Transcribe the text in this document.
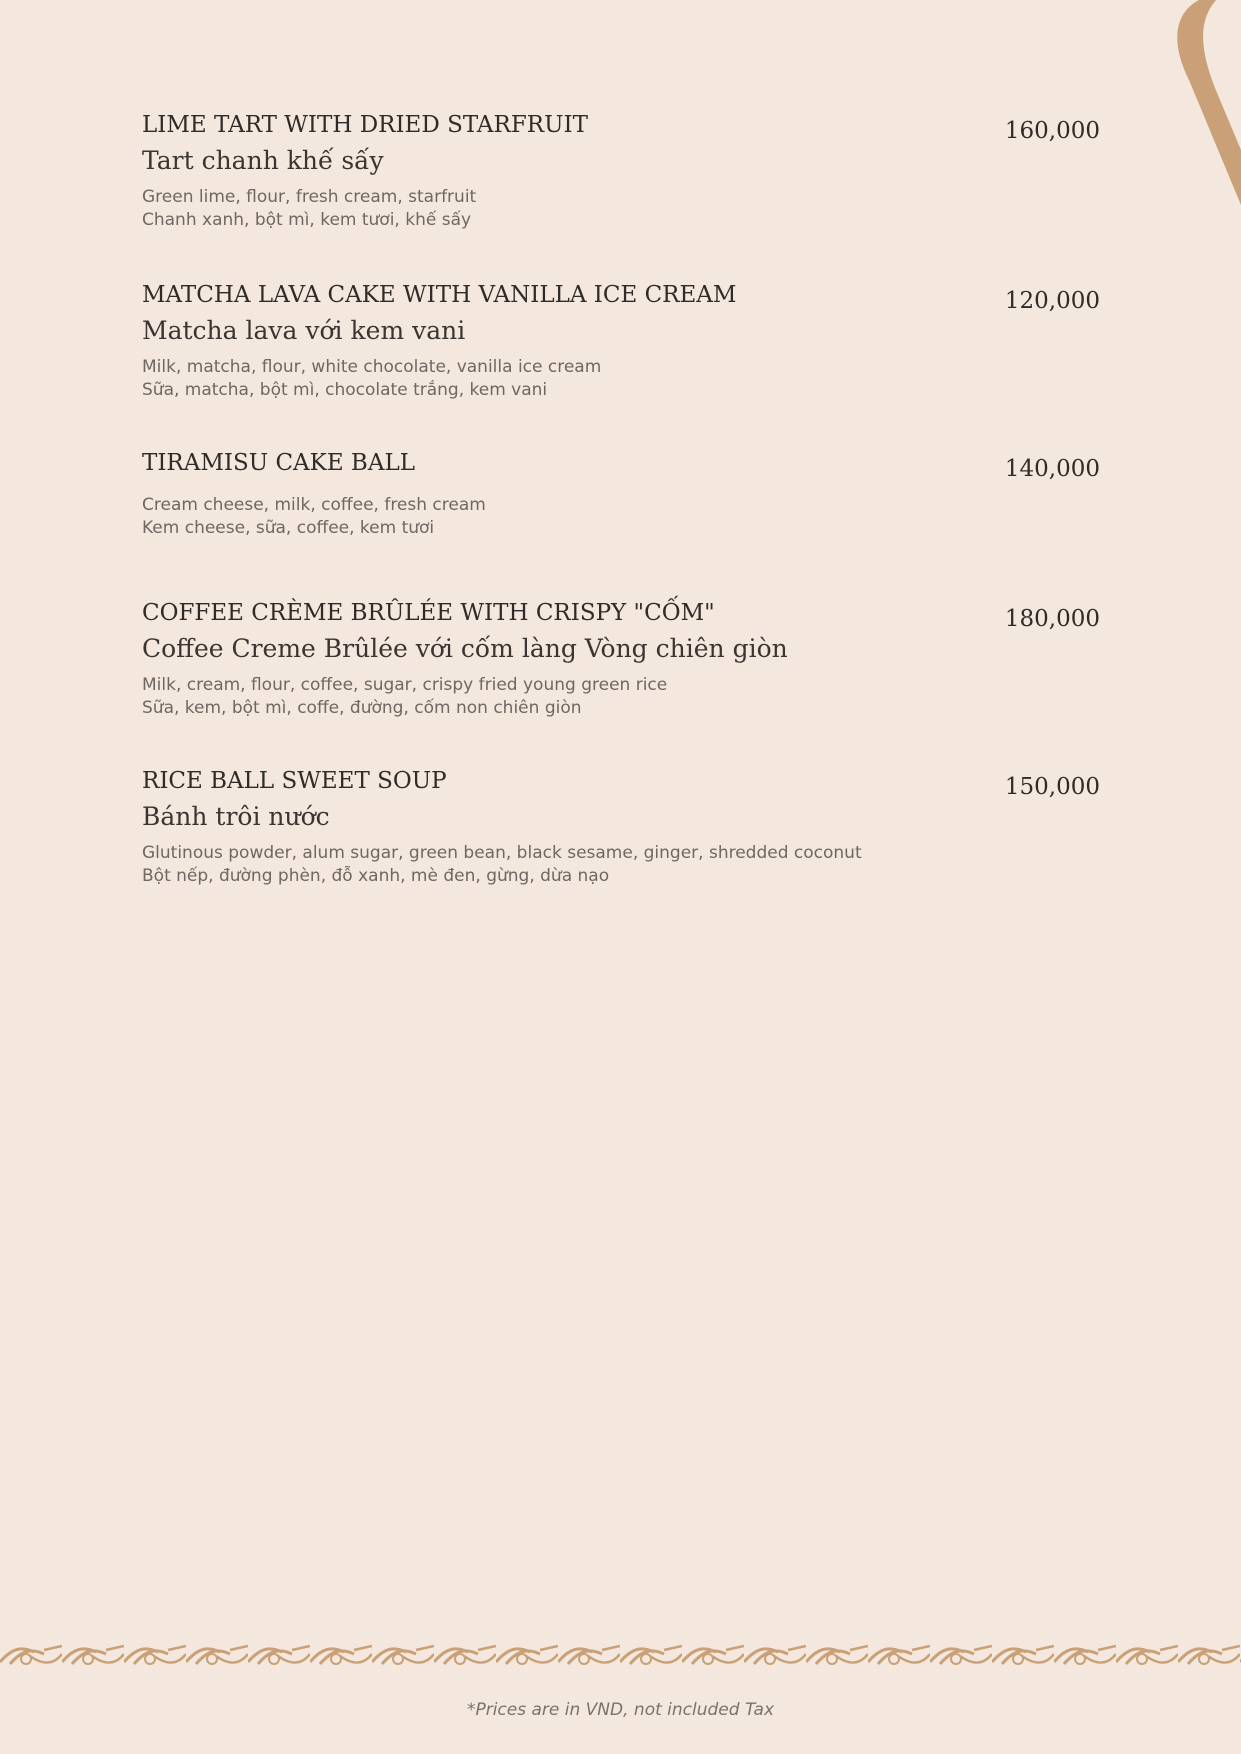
LIME TART WITH DRIED STARFRUIT	160,000
Tart chanh khế sấy
Green lime, flour, fresh cream, starfruit
Chanh xanh, bột mì, kem tươi, khế sấy
MATCHA LAVA CAKE WITH VANILLA ICE CREAM	120,000
Matcha lava với kem vani
Milk, matcha, flour, white chocolate, vanilla ice cream
Sữa, matcha, bột mì, chocolate trắng, kem vani
TIRAMISU CAKE BALL	140,000
Cream cheese, milk, coffee, fresh cream
Kem cheese, sữa, coffee, kem tươi
COFFEE CRÈME BRÛLÉE WITH CRISPY "CỐM"	180,000
Coffee Creme Brûlée với cốm làng Vòng chiên giòn
Milk, cream, flour, coffee, sugar, crispy fried young green rice
Sữa, kem, bột mì, coffe, đường, cốm non chiên giòn
RICE BALL SWEET SOUP	150,000
Bánh trôi nước
Glutinous powder, alum sugar, green bean, black sesame, ginger, shredded coconut
Bột nếp, đường phèn, đỗ xanh, mè đen, gừng, dừa nạo
*Prices are in VND, not included Tax
